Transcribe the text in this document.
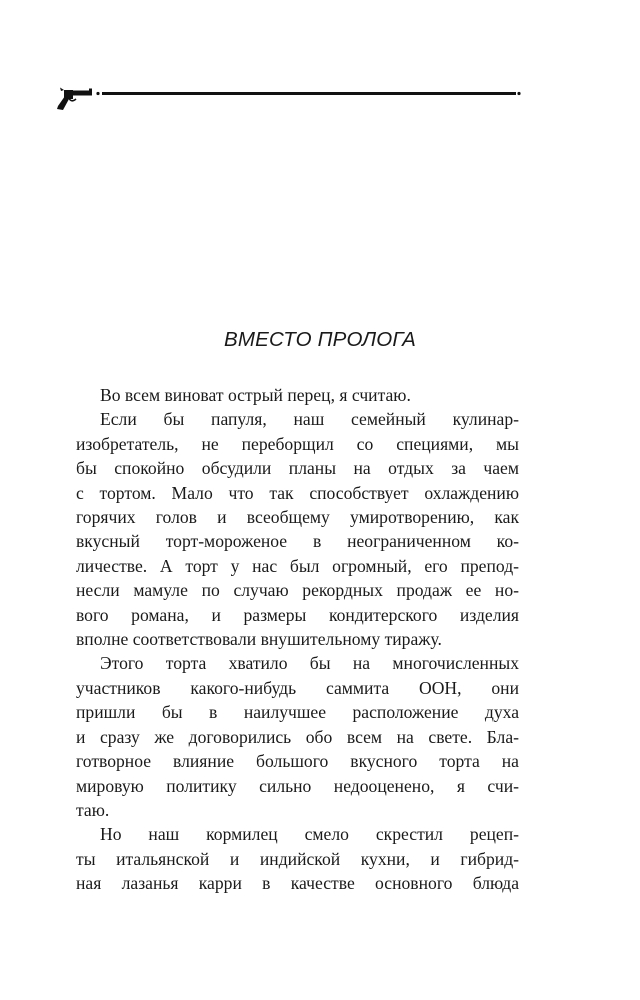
ВМЕСТО ПРОЛОГА

Во всем виноват острый перец, я считаю.

Если бы папуля, наш семейный кулинар-
изобретатель, не переборщил со специями, мы
бы спокойно обсудили планы на отдых за чаем
с тортом. Мало что так способствует охлаждению
горячих голов и всеобщему умиротворению, как
вкусный торт-мороженое в неограниченном ко-
личестве. А торт у нас был огромный, его препод-
несли мамуле по случаю рекордных продаж ее но-
вого романа, и размеры кондитерского изделия
вполне соответствовали внушительному тиражу.

Этого торта хватило бы на многочисленных
участников какого-нибудь саммита ООН, они
пришли бы в наилучшее расположение духа
и сразу же договорились обо всем на свете. Бла-
готворное влияние большого вкусного торта на
мировую политику сильно недооценено, я счи-
таю.

Но наш кормилец смело скрестил рецеп-
ты итальянской и индийской кухни, и гибрид-
ная лазанья карри в качестве основного блюда
